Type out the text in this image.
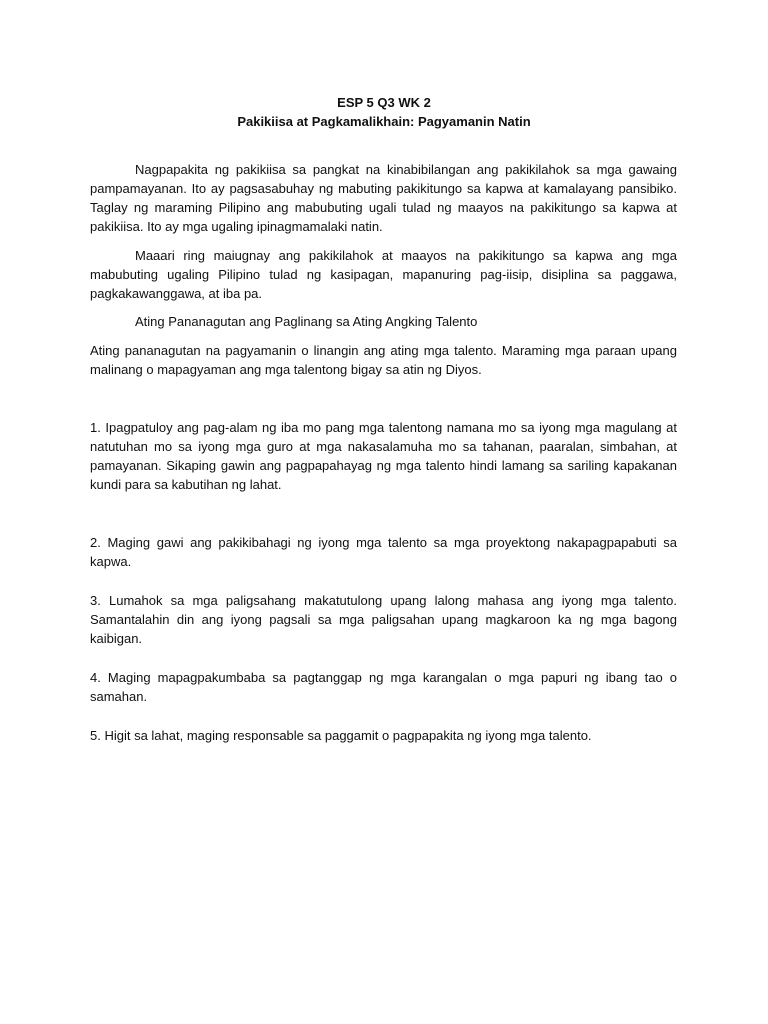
ESP 5 Q3 WK 2
Pakikiisa at Pagkamalikhain: Pagyamanin Natin

Nagpapakita ng pakikiisa sa pangkat na kinabibilangan ang pakikilahok sa mga gawaing pampamayanan. Ito ay pagsasabuhay ng mabuting pakikitungo sa kapwa at kamalayang pansibiko. Taglay ng maraming Pilipino ang mabubuting ugali tulad ng maayos na pakikitungo sa kapwa at pakikiisa. Ito ay mga ugaling ipinagmamalaki natin.

Maaari ring maiugnay ang pakikilahok at maayos na pakikitungo sa kapwa ang mga mabubuting ugaling Pilipino tulad ng kasipagan, mapanuring pag-iisip, disiplina sa paggawa, pagkakawanggawa, at iba pa.

Ating Pananagutan ang Paglinang sa Ating Angking Talento

Ating pananagutan na pagyamanin o linangin ang ating mga talento. Maraming mga paraan upang malinang o mapagyaman ang mga talentong bigay sa atin ng Diyos.

1. Ipagpatuloy ang pag-alam ng iba mo pang mga talentong namana mo sa iyong mga magulang at natutuhan mo sa iyong mga guro at mga nakasalamuha mo sa tahanan, paaralan, simbahan, at pamayanan. Sikaping gawin ang pagpapahayag ng mga talento hindi lamang sa sariling kapakanan kundi para sa kabutihan ng lahat.

2. Maging gawi ang pakikibahagi ng iyong mga talento sa mga proyektong nakapagpapabuti sa kapwa.

3. Lumahok sa mga paligsahang makatutulong upang lalong mahasa ang iyong mga talento. Samantalahin din ang iyong pagsali sa mga paligsahan upang magkaroon ka ng mga bagong kaibigan.

4. Maging mapagpakumbaba sa pagtanggap ng mga karangalan o mga papuri ng ibang tao o samahan.

5. Higit sa lahat, maging responsable sa paggamit o pagpapakita ng iyong mga talento.
